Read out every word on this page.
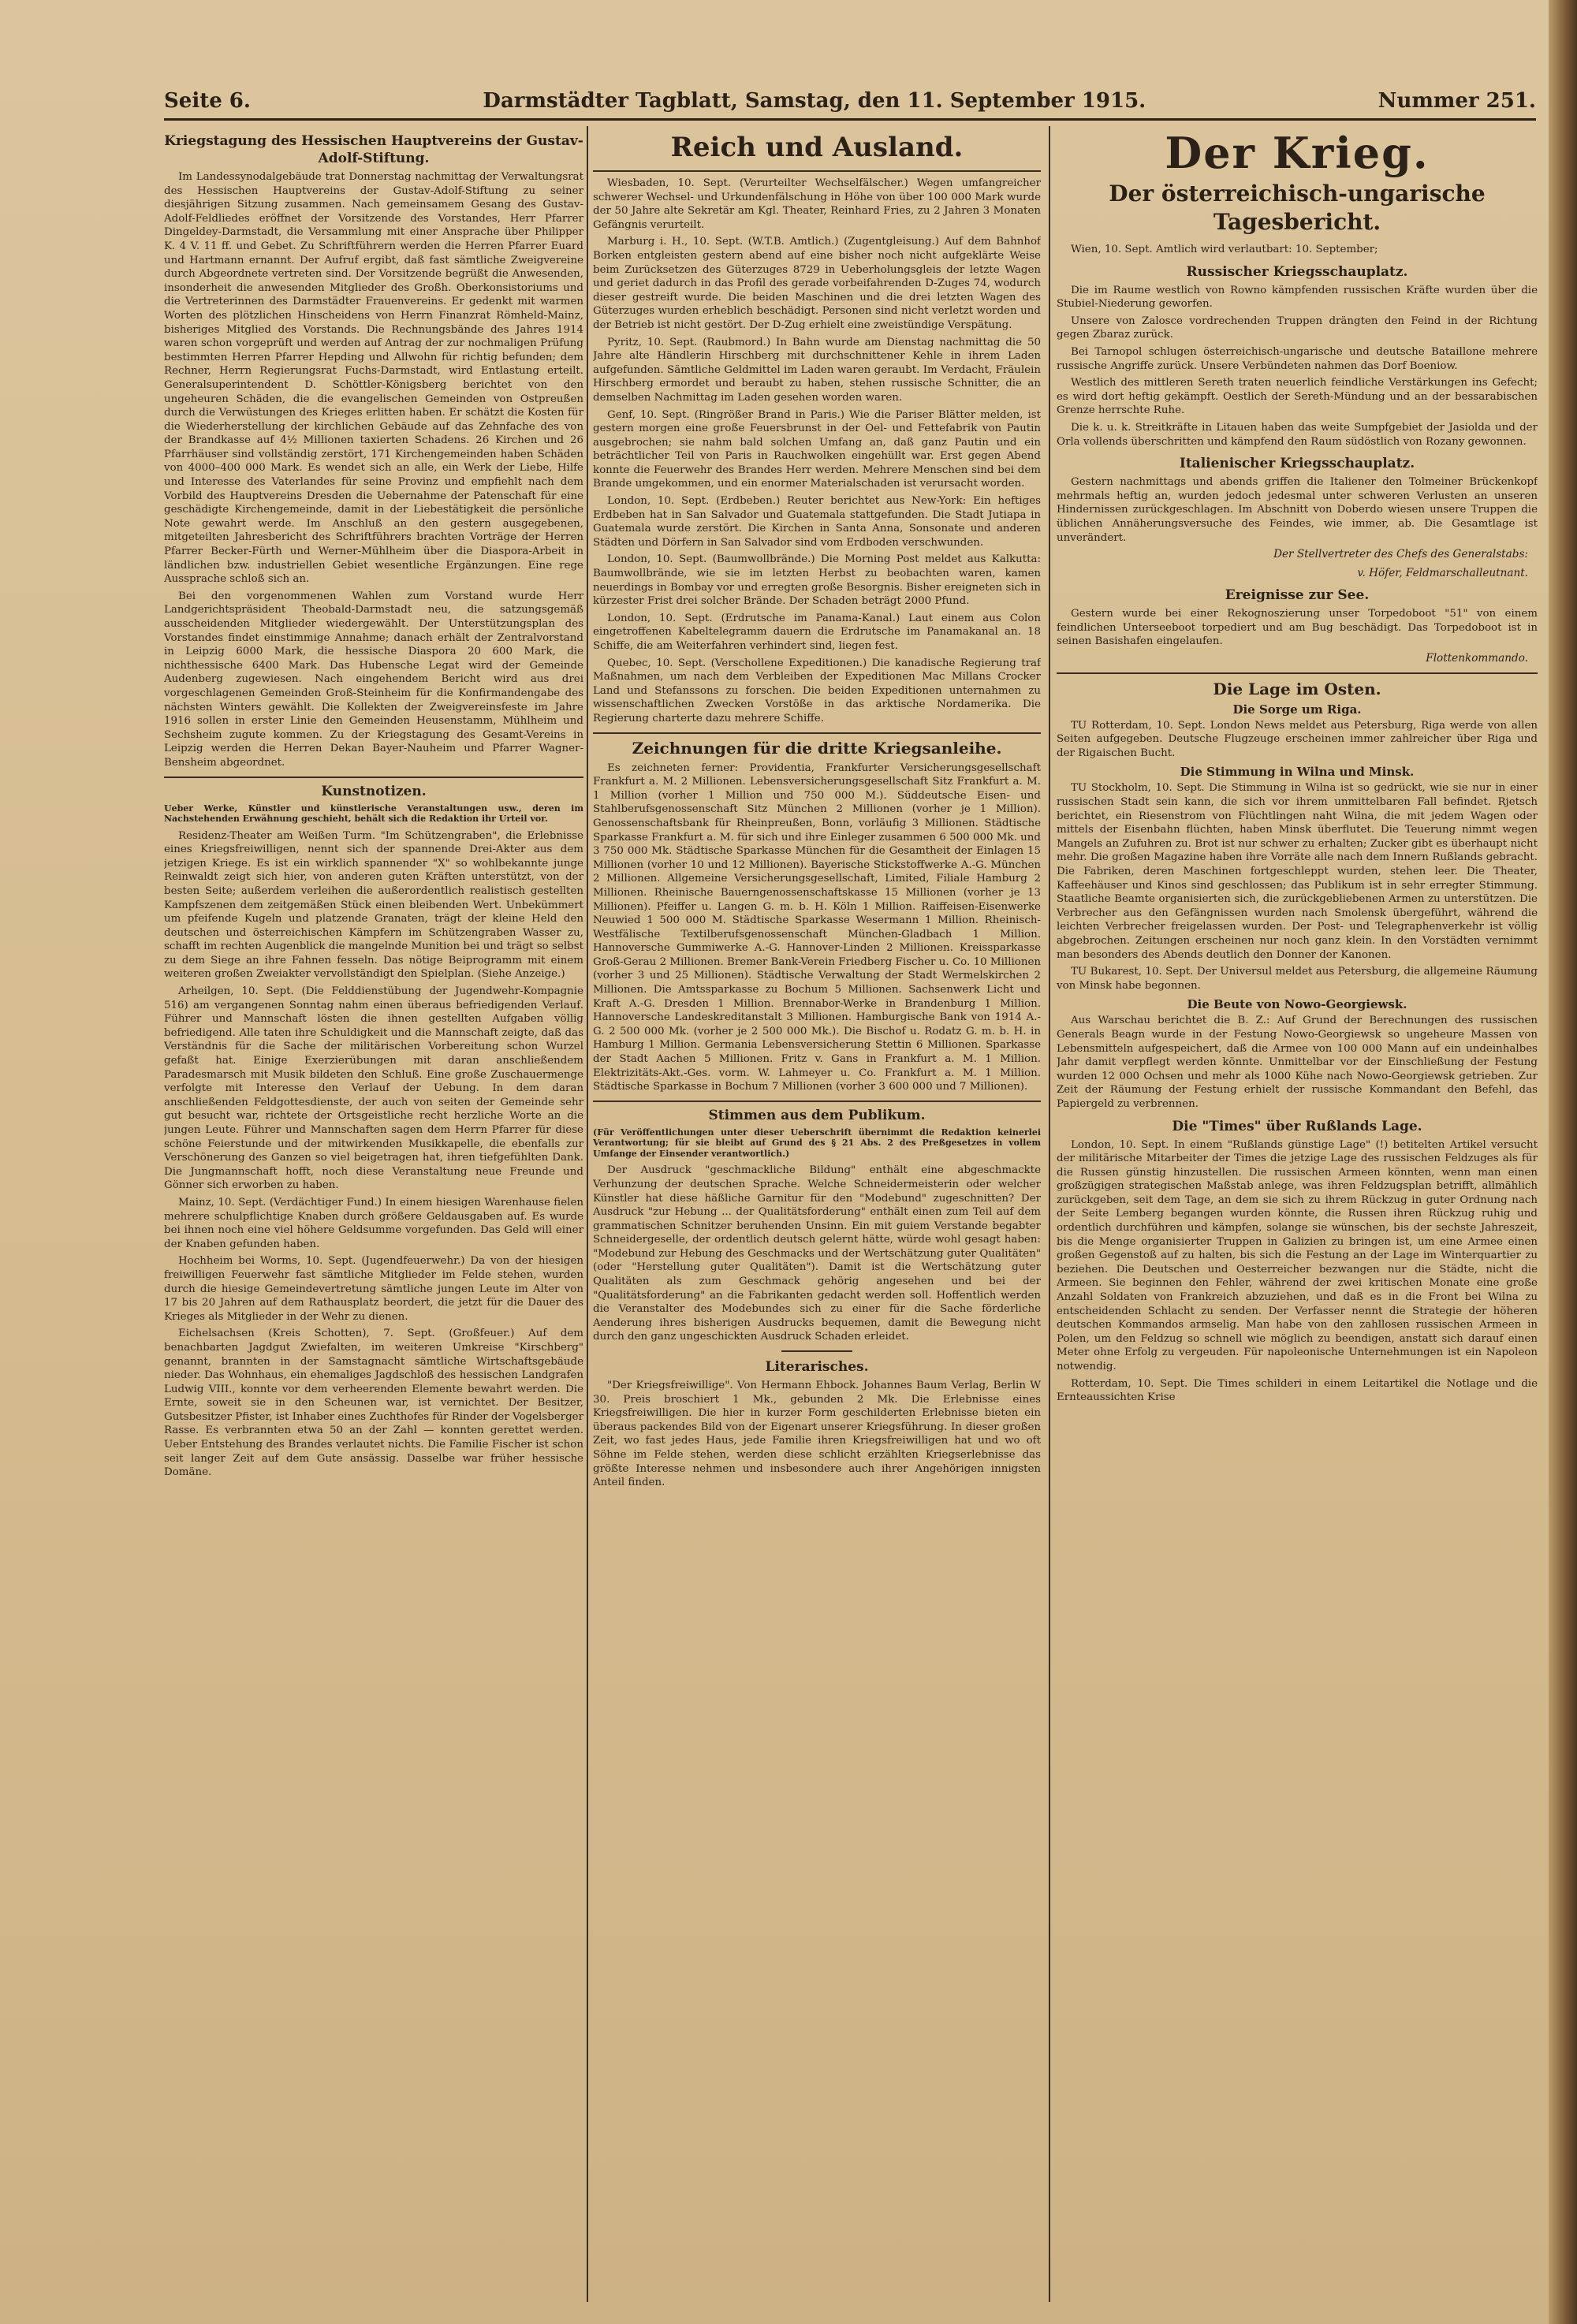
Seite 6.	Darmstädter Tagblatt, Samstag, den 11. September 1915.	Nummer 251.
Kriegstagung des Hessischen Hauptvereins der Gustav-Adolf-Stiftung.

Im Landessynodalgebäude trat Donnerstag nachmittag der Verwaltungsrat des Hessischen Hauptvereins der Gustav-Adolf-Stiftung zu seiner diesjährigen Sitzung zusammen. Nach gemeinsamem Gesang des Gustav-Adolf-Feldliedes eröffnet der Vorsitzende des Vorstandes, Herr Pfarrer Dingeldey-Darmstadt, die Versammlung mit einer Ansprache über Philipper K. 4 V. 11 ff. und Gebet. Zu Schriftführern werden die Herren Pfarrer Euard und Hartmann ernannt. Der Aufruf ergibt, daß fast sämtliche Zweigvereine durch Abgeordnete vertreten sind. Der Vorsitzende begrüßt die Anwesenden, insonderheit die anwesenden Mitglieder des Großh. Oberkonsistoriums und die Vertreterinnen des Darmstädter Frauenvereins. Er gedenkt mit warmen Worten des plötzlichen Hinscheidens von Herrn Finanzrat Römheld-Mainz, bisheriges Mitglied des Vorstands. Die Rechnungsbände des Jahres 1914 waren schon vorgeprüft und werden auf Antrag der zur nochmaligen Prüfung bestimmten Herren Pfarrer Hepding und Allwohn für richtig befunden; dem Rechner, Herrn Regierungsrat Fuchs-Darmstadt, wird Entlastung erteilt. Generalsuperintendent D. Schöttler-Königsberg berichtet von den ungeheuren Schäden, die die evangelischen Gemeinden von Ostpreußen durch die Verwüstungen des Krieges erlitten haben. Er schätzt die Kosten für die Wiederherstellung der kirchlichen Gebäude auf das Zehnfache des von der Brandkasse auf 4½ Millionen taxierten Schadens. 26 Kirchen und 26 Pfarrhäuser sind vollständig zerstört, 171 Kirchengemeinden haben Schäden von 4000–400 000 Mark. Es wendet sich an alle, ein Werk der Liebe, Hilfe und Interesse des Vaterlandes für seine Provinz und empfiehlt nach dem Vorbild des Hauptvereins Dresden die Uebernahme der Patenschaft für eine geschädigte Kirchengemeinde, damit in der Liebestätigkeit die persönliche Note gewahrt werde. Im Anschluß an den gestern ausgegebenen, mitgeteilten Jahresbericht des Schriftführers brachten Vorträge der Herren Pfarrer Becker-Fürth und Werner-Mühlheim über die Diaspora-Arbeit in ländlichen bzw. industriellen Gebiet wesentliche Ergänzungen. Eine rege Aussprache schloß sich an.

Bei den vorgenommenen Wahlen zum Vorstand wurde Herr Landgerichtspräsident Theobald-Darmstadt neu, die satzungsgemäß ausscheidenden Mitglieder wiedergewählt. Der Unterstützungsplan des Vorstandes findet einstimmige Annahme; danach erhält der Zentralvorstand in Leipzig 6000 Mark, die hessische Diaspora 20 600 Mark, die nichthessische 6400 Mark. Das Hubensche Legat wird der Gemeinde Audenberg zugewiesen. Nach eingehendem Bericht wird aus drei vorgeschlagenen Gemeinden Groß-Steinheim für die Konfirmandengabe des nächsten Winters gewählt. Die Kollekten der Zweigvereinsfeste im Jahre 1916 sollen in erster Linie den Gemeinden Heusenstamm, Mühlheim und Sechsheim zugute kommen. Zu der Kriegstagung des Gesamt-Vereins in Leipzig werden die Herren Dekan Bayer-Nauheim und Pfarrer Wagner-Bensheim abgeordnet.

Kunstnotizen.
Ueber Werke, Künstler und künstlerische Veranstaltungen usw., deren im Nachstehenden Erwähnung geschieht, behält sich die Redaktion ihr Urteil vor.

Residenz-Theater am Weißen Turm. "Im Schützengraben", die Erlebnisse eines Kriegsfreiwilligen, nennt sich der spannende Drei-Akter aus dem jetzigen Kriege. Es ist ein wirklich spannender "X" so wohlbekannte junge Reinwaldt zeigt sich hier, von anderen guten Kräften unterstützt, von der besten Seite; außerdem verleihen die außerordentlich realistisch gestellten Kampfszenen dem zeitgemäßen Stück einen bleibenden Wert. Unbekümmert um pfeifende Kugeln und platzende Granaten, trägt der kleine Held den deutschen und österreichischen Kämpfern im Schützengraben Wasser zu, schafft im rechten Augenblick die mangelnde Munition bei und trägt so selbst zu dem Siege an ihre Fahnen fesseln. Das nötige Beiprogramm mit einem weiteren großen Zweiakter vervollständigt den Spielplan. (Siehe Anzeige.)

Arheilgen, 10. Sept. (Die Felddienstübung der Jugendwehr-Kompagnie 516) am vergangenen Sonntag nahm einen überaus befriedigenden Verlauf. Führer und Mannschaft lösten die ihnen gestellten Aufgaben völlig befriedigend. Alle taten ihre Schuldigkeit und die Mannschaft zeigte, daß das Verständnis für die Sache der militärischen Vorbereitung schon Wurzel gefaßt hat. Einige Exerzierübungen mit daran anschließendem Paradesmarsch mit Musik bildeten den Schluß. Eine große Zuschauermenge verfolgte mit Interesse den Verlauf der Uebung. In dem daran anschließenden Feldgottesdienste, der auch von seiten der Gemeinde sehr gut besucht war, richtete der Ortsgeistliche recht herzliche Worte an die jungen Leute. Führer und Mannschaften sagen dem Herrn Pfarrer für diese schöne Feierstunde und der mitwirkenden Musikkapelle, die ebenfalls zur Verschönerung des Ganzen so viel beigetragen hat, ihren tiefgefühlten Dank. Die Jungmannschaft hofft, noch diese Veranstaltung neue Freunde und Gönner sich erworben zu haben.

Mainz, 10. Sept. (Verdächtiger Fund.) In einem hiesigen Warenhause fielen mehrere schulpflichtige Knaben durch größere Geldausgaben auf. Es wurde bei ihnen noch eine viel höhere Geldsumme vorgefunden. Das Geld will einer der Knaben gefunden haben.

Hochheim bei Worms, 10. Sept. (Jugendfeuerwehr.) Da von der hiesigen freiwilligen Feuerwehr fast sämtliche Mitglieder im Felde stehen, wurden durch die hiesige Gemeindevertretung sämtliche jungen Leute im Alter von 17 bis 20 Jahren auf dem Rathausplatz beordert, die jetzt für die Dauer des Krieges als Mitglieder in der Wehr zu dienen.

Eichelsachsen (Kreis Schotten), 7. Sept. (Großfeuer.) Auf dem benachbarten Jagdgut Zwiefalten, im weiteren Umkreise "Kirschberg" genannt, brannten in der Samstagnacht sämtliche Wirtschaftsgebäude nieder. Das Wohnhaus, ein ehemaliges Jagdschloß des hessischen Landgrafen Ludwig VIII., konnte vor dem verheerenden Elemente bewahrt werden. Die Ernte, soweit sie in den Scheunen war, ist vernichtet. Der Besitzer, Gutsbesitzer Pfister, ist Inhaber eines Zuchthofes für Rinder der Vogelsberger Rasse. Es verbrannten etwa 50 an der Zahl — konnten gerettet werden. Ueber Entstehung des Brandes verlautet nichts. Die Familie Fischer ist schon seit langer Zeit auf dem Gute ansässig. Dasselbe war früher hessische Domäne.

Reich und Ausland.

Wiesbaden, 10. Sept. (Verurteilter Wechselfälscher.) Wegen umfangreicher schwerer Wechsel- und Urkundenfälschung in Höhe von über 100 000 Mark wurde der 50 Jahre alte Sekretär am Kgl. Theater, Reinhard Fries, zu 2 Jahren 3 Monaten Gefängnis verurteilt.

Marburg i. H., 10. Sept. (W.T.B. Amtlich.) (Zugentgleisung.) Auf dem Bahnhof Borken entgleisten gestern abend auf eine bisher noch nicht aufgeklärte Weise beim Zurücksetzen des Güterzuges 8729 in Ueberholungsgleis der letzte Wagen und geriet dadurch in das Profil des gerade vorbeifahrenden D-Zuges 74, wodurch dieser gestreift wurde. Die beiden Maschinen und die drei letzten Wagen des Güterzuges wurden erheblich beschädigt. Personen sind nicht verletzt worden und der Betrieb ist nicht gestört. Der D-Zug erhielt eine zweistündige Verspätung.

Pyritz, 10. Sept. (Raubmord.) In Bahn wurde am Dienstag nachmittag die 50 Jahre alte Händlerin Hirschberg mit durchschnittener Kehle in ihrem Laden aufgefunden. Sämtliche Geldmittel im Laden waren geraubt. Im Verdacht, Fräulein Hirschberg ermordet und beraubt zu haben, stehen russische Schnitter, die an demselben Nachmittag im Laden gesehen worden waren.

Genf, 10. Sept. (Ringrößer Brand in Paris.) Wie die Pariser Blätter melden, ist gestern morgen eine große Feuersbrunst in der Oel- und Fettefabrik von Pautin ausgebrochen; sie nahm bald solchen Umfang an, daß ganz Pautin und ein beträchtlicher Teil von Paris in Rauchwolken eingehüllt war. Erst gegen Abend konnte die Feuerwehr des Brandes Herr werden. Mehrere Menschen sind bei dem Brande umgekommen, und ein enormer Materialschaden ist verursacht worden.

London, 10. Sept. (Erdbeben.) Reuter berichtet aus New-York: Ein heftiges Erdbeben hat in San Salvador und Guatemala stattgefunden. Die Stadt Jutiapa in Guatemala wurde zerstört. Die Kirchen in Santa Anna, Sonsonate und anderen Städten und Dörfern in San Salvador sind vom Erdboden verschwunden.

London, 10. Sept. (Baumwollbrände.) Die Morning Post meldet aus Kalkutta: Baumwollbrände, wie sie im letzten Herbst zu beobachten waren, kamen neuerdings in Bombay vor und erregten große Besorgnis. Bisher ereigneten sich in kürzester Frist drei solcher Brände. Der Schaden beträgt 2000 Pfund.

London, 10. Sept. (Erdrutsche im Panama-Kanal.) Laut einem aus Colon eingetroffenen Kabeltelegramm dauern die Erdrutsche im Panamakanal an. 18 Schiffe, die am Weiterfahren verhindert sind, liegen fest.

Quebec, 10. Sept. (Verschollene Expeditionen.) Die kanadische Regierung traf Maßnahmen, um nach dem Verbleiben der Expeditionen Mac Millans Crocker Land und Stefanssons zu forschen. Die beiden Expeditionen unternahmen zu wissenschaftlichen Zwecken Vorstöße in das arktische Nordamerika. Die Regierung charterte dazu mehrere Schiffe.

Zeichnungen für die dritte Kriegsanleihe.

Es zeichneten ferner: Providentia, Frankfurter Versicherungsgesellschaft Frankfurt a. M. 2 Millionen. Lebensversicherungsgesellschaft Sitz Frankfurt a. M. 1 Million (vorher 1 Million und 750 000 M.). Süddeutsche Eisen- und Stahlberufsgenossenschaft Sitz München 2 Millionen (vorher je 1 Million). Genossenschaftsbank für Rheinpreußen, Bonn, vorläufig 3 Millionen. Städtische Sparkasse Frankfurt a. M. für sich und ihre Einleger zusammen 6 500 000 Mk. und 3 750 000 Mk. Städtische Sparkasse München für die Gesamtheit der Einlagen 15 Millionen (vorher 10 und 12 Millionen). Bayerische Stickstoffwerke A.-G. München 2 Millionen. Allgemeine Versicherungsgesellschaft, Limited, Filiale Hamburg 2 Millionen. Rheinische Bauerngenossenschaftskasse 15 Millionen (vorher je 13 Millionen). Pfeiffer u. Langen G. m. b. H. Köln 1 Million. Raiffeisen-Eisenwerke Neuwied 1 500 000 M. Städtische Sparkasse Wesermann 1 Million. Rheinisch-Westfälische Textilberufsgenossenschaft München-Gladbach 1 Million. Hannoversche Gummiwerke A.-G. Hannover-Linden 2 Millionen. Kreissparkasse Groß-Gerau 2 Millionen. Bremer Bank-Verein Friedberg Fischer u. Co. 10 Millionen (vorher 3 und 25 Millionen). Städtische Verwaltung der Stadt Wermelskirchen 2 Millionen. Die Amtssparkasse zu Bochum 5 Millionen. Sachsenwerk Licht und Kraft A.-G. Dresden 1 Million. Brennabor-Werke in Brandenburg 1 Million. Hannoversche Landeskreditanstalt 3 Millionen. Hamburgische Bank von 1914 A.-G. 2 500 000 Mk. (vorher je 2 500 000 Mk.). Die Bischof u. Rodatz G. m. b. H. in Hamburg 1 Million. Germania Lebensversicherung Stettin 6 Millionen. Sparkasse der Stadt Aachen 5 Millionen. Fritz v. Gans in Frankfurt a. M. 1 Million. Elektrizitäts-Akt.-Ges. vorm. W. Lahmeyer u. Co. Frankfurt a. M. 1 Million. Städtische Sparkasse in Bochum 7 Millionen (vorher 3 600 000 und 7 Millionen).

Stimmen aus dem Publikum.
(Für Veröffentlichungen unter dieser Ueberschrift übernimmt die Redaktion keinerlei Verantwortung; für sie bleibt auf Grund des § 21 Abs. 2 des Preßgesetzes in vollem Umfange der Einsender verantwortlich.)

Der Ausdruck "geschmackliche Bildung" enthält eine abgeschmackte Verhunzung der deutschen Sprache. Welche Schneidermeisterin oder welcher Künstler hat diese häßliche Garnitur für den "Modebund" zugeschnitten? Der Ausdruck "zur Hebung ... der Qualitätsforderung" enthält einen zum Teil auf dem grammatischen Schnitzer beruhenden Unsinn. Ein mit guiem Verstande begabter Schneidergeselle, der ordentlich deutsch gelernt hätte, würde wohl gesagt haben: "Modebund zur Hebung des Geschmacks und der Wertschätzung guter Qualitäten" (oder "Herstellung guter Qualitäten"). Damit ist die Wertschätzung guter Qualitäten als zum Geschmack gehörig angesehen und bei der "Qualitätsforderung" an die Fabrikanten gedacht werden soll. Hoffentlich werden die Veranstalter des Modebundes sich zu einer für die Sache förderliche Aenderung ihres bisherigen Ausdrucks bequemen, damit die Bewegung nicht durch den ganz ungeschickten Ausdruck Schaden erleidet.

Literarisches.

"Der Kriegsfreiwillige". Von Hermann Ehbock. Johannes Baum Verlag, Berlin W 30. Preis broschiert 1 Mk., gebunden 2 Mk. Die Erlebnisse eines Kriegsfreiwilligen. Die hier in kurzer Form geschilderten Erlebnisse bieten ein überaus packendes Bild von der Eigenart unserer Kriegsführung. In dieser großen Zeit, wo fast jedes Haus, jede Familie ihren Kriegsfreiwilligen hat und wo oft Söhne im Felde stehen, werden diese schlicht erzählten Kriegserlebnisse das größte Interesse nehmen und insbesondere auch ihrer Angehörigen innigsten Anteil finden.

Der Krieg.
Der österreichisch-ungarische Tagesbericht.

Wien, 10. Sept. Amtlich wird verlautbart: 10. September;

Russischer Kriegsschauplatz.

Die im Raume westlich von Rowno kämpfenden russischen Kräfte wurden über die Stubiel-Niederung geworfen.

Unsere von Zalosce vordrechenden Truppen drängten den Feind in der Richtung gegen Zbaraz zurück.

Bei Tarnopol schlugen österreichisch-ungarische und deutsche Bataillone mehrere russische Angriffe zurück. Unsere Verbündeten nahmen das Dorf Boeniow.

Westlich des mittleren Sereth traten neuerlich feindliche Verstärkungen ins Gefecht; es wird dort heftig gekämpft. Oestlich der Sereth-Mündung und an der bessarabischen Grenze herrschte Ruhe.

Die k. u. k. Streitkräfte in Litauen haben das weite Sumpfgebiet der Jasiolda und der Orla vollends überschritten und kämpfend den Raum südöstlich von Rozany gewonnen.

Italienischer Kriegsschauplatz.

Gestern nachmittags und abends griffen die Italiener den Tolmeiner Brückenkopf mehrmals heftig an, wurden jedoch jedesmal unter schweren Verlusten an unseren Hindernissen zurückgeschlagen. Im Abschnitt von Doberdo wiesen unsere Truppen die üblichen Annäherungsversuche des Feindes, wie immer, ab. Die Gesamtlage ist unverändert.

Der Stellvertreter des Chefs des Generalstabs:
v. Höfer, Feldmarschalleutnant.
Ereignisse zur See.

Gestern wurde bei einer Rekognoszierung unser Torpedoboot "51" von einem feindlichen Unterseeboot torpediert und am Bug beschädigt. Das Torpedoboot ist in seinen Basishafen eingelaufen.

Flottenkommando.
Die Lage im Osten.
Die Sorge um Riga.

TU Rotterdam, 10. Sept. London News meldet aus Petersburg, Riga werde von allen Seiten aufgegeben. Deutsche Flugzeuge erscheinen immer zahlreicher über Riga und der Rigaischen Bucht.

Die Stimmung in Wilna und Minsk.

TU Stockholm, 10. Sept. Die Stimmung in Wilna ist so gedrückt, wie sie nur in einer russischen Stadt sein kann, die sich vor ihrem unmittelbaren Fall befindet. Rjetsch berichtet, ein Riesenstrom von Flüchtlingen naht Wilna, die mit jedem Wagen oder mittels der Eisenbahn flüchten, haben Minsk überflutet. Die Teuerung nimmt wegen Mangels an Zufuhren zu. Brot ist nur schwer zu erhalten; Zucker gibt es überhaupt nicht mehr. Die großen Magazine haben ihre Vorräte alle nach dem Innern Rußlands gebracht. Die Fabriken, deren Maschinen fortgeschleppt wurden, stehen leer. Die Theater, Kaffeehäuser und Kinos sind geschlossen; das Publikum ist in sehr erregter Stimmung. Staatliche Beamte organisierten sich, die zurückgebliebenen Armen zu unterstützen. Die Verbrecher aus den Gefängnissen wurden nach Smolensk übergeführt, während die leichten Verbrecher freigelassen wurden. Der Post- und Telegraphenverkehr ist völlig abgebrochen. Zeitungen erscheinen nur noch ganz klein. In den Vorstädten vernimmt man besonders des Abends deutlich den Donner der Kanonen.

TU Bukarest, 10. Sept. Der Universul meldet aus Petersburg, die allgemeine Räumung von Minsk habe begonnen.

Die Beute von Nowo-Georgiewsk.

Aus Warschau berichtet die B. Z.: Auf Grund der Berechnungen des russischen Generals Beagn wurde in der Festung Nowo-Georgiewsk so ungeheure Massen von Lebensmitteln aufgespeichert, daß die Armee von 100 000 Mann auf ein undeinhalbes Jahr damit verpflegt werden könnte. Unmittelbar vor der Einschließung der Festung wurden 12 000 Ochsen und mehr als 1000 Kühe nach Nowo-Georgiewsk getrieben. Zur Zeit der Räumung der Festung erhielt der russische Kommandant den Befehl, das Papiergeld zu verbrennen.

Die "Times" über Rußlands Lage.

London, 10. Sept. In einem "Rußlands günstige Lage" (!) betitelten Artikel versucht der militärische Mitarbeiter der Times die jetzige Lage des russischen Feldzuges als für die Russen günstig hinzustellen. Die russischen Armeen könnten, wenn man einen großzügigen strategischen Maßstab anlege, was ihren Feldzugsplan betrifft, allmählich zurückgeben, seit dem Tage, an dem sie sich zu ihrem Rückzug in guter Ordnung nach der Seite Lemberg begangen wurden könnte, die Russen ihren Rückzug ruhig und ordentlich durchführen und kämpfen, solange sie wünschen, bis der sechste Jahreszeit, bis die Menge organisierter Truppen in Galizien zu bringen ist, um eine Armee einen großen Gegenstoß auf zu halten, bis sich die Festung an der Lage im Winterquartier zu beziehen. Die Deutschen und Oesterreicher bezwangen nur die Städte, nicht die Armeen. Sie beginnen den Fehler, während der zwei kritischen Monate eine große Anzahl Soldaten von Frankreich abzuziehen, und daß es in die Front bei Wilna zu entscheidenden Schlacht zu senden. Der Verfasser nennt die Strategie der höheren deutschen Kommandos armselig. Man habe von den zahllosen russischen Armeen in Polen, um den Feldzug so schnell wie möglich zu beendigen, anstatt sich darauf einen Meter ohne Erfolg zu vergeuden. Für napoleonische Unternehmungen ist ein Napoleon notwendig.

Rotterdam, 10. Sept. Die Times schilderi in einem Leitartikel die Notlage und die Ernteaussichten Krise
